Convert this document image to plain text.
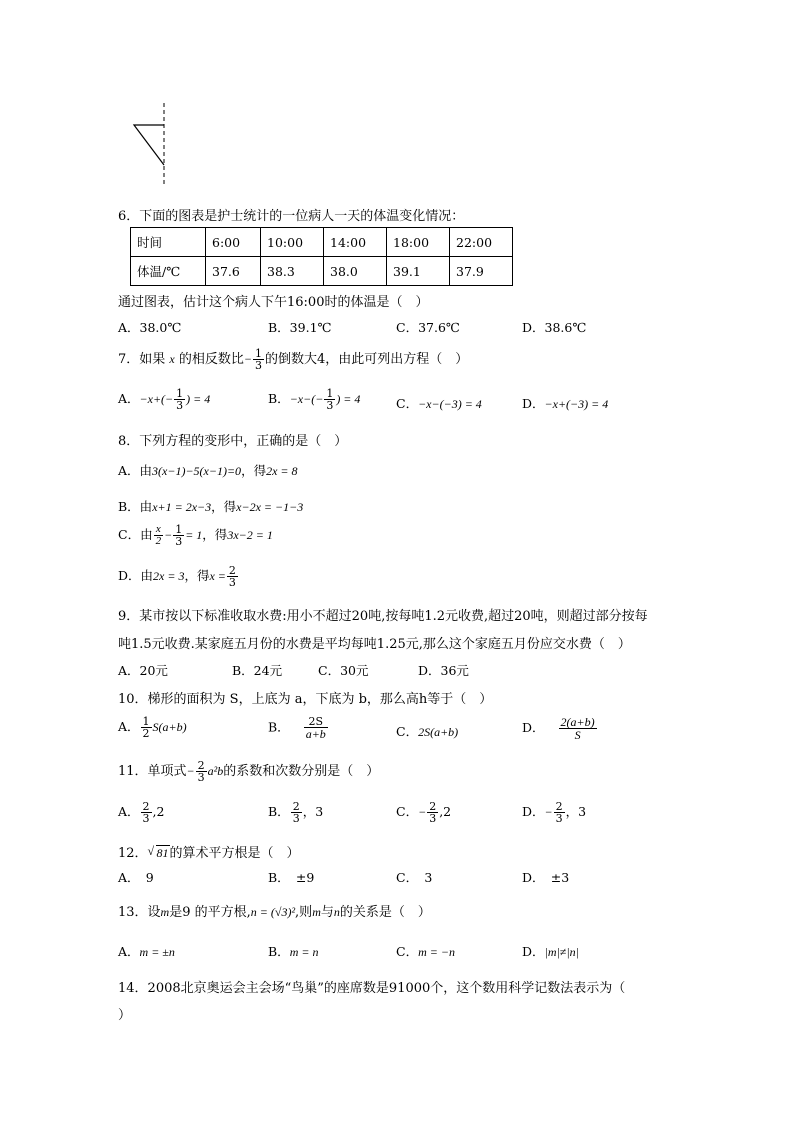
6．下面的图表是护士统计的一位病人一天的体温变化情况：
时间	6:00	10:00	14:00	18:00	22:00
体温/℃	37.6	38.3	38.0	39.1	37.9
通过图表，估计这个病人下午16:00时的体温是（　）
A．38.0℃	B．39.1℃	C．37.6℃	D．38.6℃
7．如果 x 的相反数比− $\frac{1}{3}$ 的倒数大4，由此可列出方程（　）
A．$-x+(- \frac{1}{3}$ ) = 4	B．$-x-(- \frac{1}{3}$ ) = 4	C．−x−(−3) = 4	D．−x+(−3) = 4
8．下列方程的变形中，正确的是（　）
A．由3(x−1)−5(x−1)=0，得2x = 8
B．由x+1 = 2x−3，得x−2x = −1−3
C．由 $\frac{x}{2} - \frac{1}{3} = 1$，得3x−2 = 1
D．由2x = 3，得$x = \frac{2}{3}$
9．某市按以下标准收取水费:用小不超过20吨,按每吨1.2元收费,超过20吨，则超过部分按每
吨1.5元收费.某家庭五月份的水费是平均每吨1.25元,那么这个家庭五月份应交水费（　）
A．20元	B．24元	C．30元	D．36元
10．梯形的面积为 S，上底为 a，下底为 b，那么高h等于（　）
A． $\frac{1}{2} S(a+b)$	B． $\frac{2S}{a+b}$	C．2S(a+b)	D． $\frac{2(a+b)}{S}$
11．单项式− $\frac{2}{3} a^2b$的系数和次数分别是（　）
A． $\frac{2}{3} ,2$	B． $\frac{2}{3}$ ，3	C．− $\frac{2}{3} ,2$	D．− $\frac{2}{3}$ ，3
12． √ 81的算术平方根是（　）
A．　9	B．　±9	C．　3	D．　±3
13．设m是9 的平方根,n = (√3)²,则m与n的关系是（　）
A．m = ±n	B．m = n	C．m = −n	D．|m|≠|n|
14．2008北京奥运会主会场“鸟巢”的座席数是91000个，这个数用科学记数法表示为（
）
